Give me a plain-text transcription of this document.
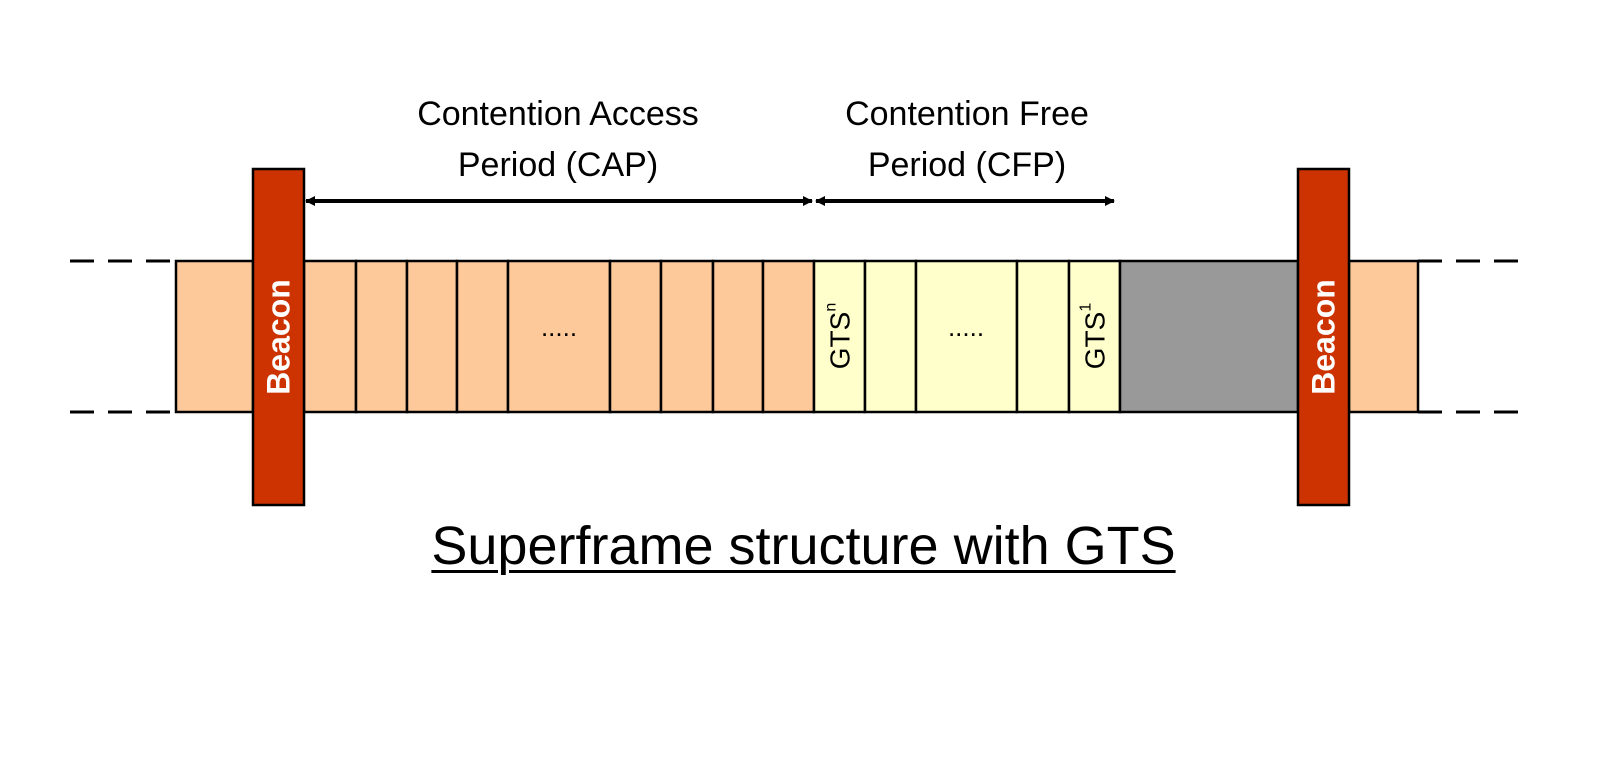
Beacon	Beacon
.....	.....
GTS$^n$
GTS$^1$
Contention Access
Period (CAP)
Contention Free
Period (CFP)
Superframe structure with GTS
